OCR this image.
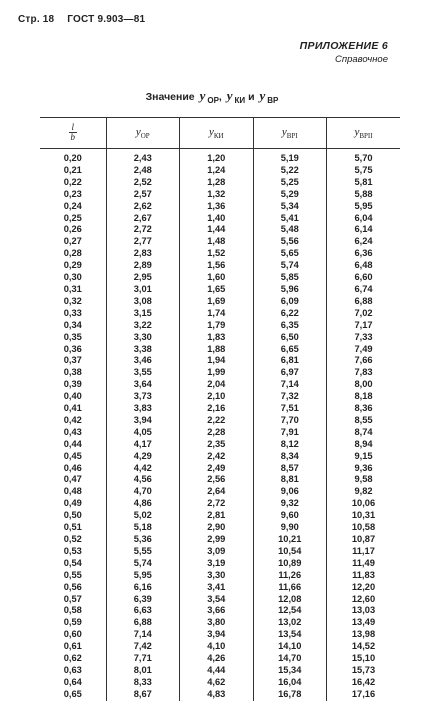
Стр. 18 ГОСТ 9.903—81
ПРИЛОЖЕНИЕ 6
Справочное
Значение y $_{ОР}$, y $_{КИ}$ и y $_{ВР}$
$\frac{l}{b}$	$y_{ОР}$	$y_{КИ}$	$y_{ВРI}$	$y_{ВРII}$
0,20	2,43	1,20	5,19	5,70
0,21	2,48	1,24	5,22	5,75
0,22	2,52	1,28	5,25	5,81
0,23	2,57	1,32	5,29	5,88
0,24	2,62	1,36	5,34	5,95
0,25	2,67	1,40	5,41	6,04
0,26	2,72	1,44	5,48	6,14
0,27	2,77	1,48	5,56	6,24
0,28	2,83	1,52	5,65	6,36
0,29	2,89	1,56	5,74	6,48
0,30	2,95	1,60	5,85	6,60
0,31	3,01	1,65	5,96	6,74
0,32	3,08	1,69	6,09	6,88
0,33	3,15	1,74	6,22	7,02
0,34	3,22	1,79	6,35	7,17
0,35	3,30	1,83	6,50	7,33
0,36	3,38	1,88	6,65	7,49
0,37	3,46	1,94	6,81	7,66
0,38	3,55	1,99	6,97	7,83
0,39	3,64	2,04	7,14	8,00
0,40	3,73	2,10	7,32	8,18
0,41	3,83	2,16	7,51	8,36
0,42	3,94	2,22	7,70	8,55
0,43	4,05	2,28	7,91	8,74
0,44	4,17	2,35	8,12	8,94
0,45	4,29	2,42	8,34	9,15
0,46	4,42	2,49	8,57	9,36
0,47	4,56	2,56	8,81	9,58
0,48	4,70	2,64	9,06	9,82
0,49	4,86	2,72	9,32	10,06
0,50	5,02	2,81	9,60	10,31
0,51	5,18	2,90	9,90	10,58
0,52	5,36	2,99	10,21	10,87
0,53	5,55	3,09	10,54	11,17
0,54	5,74	3,19	10,89	11,49
0,55	5,95	3,30	11,26	11,83
0,56	6,16	3,41	11,66	12,20
0,57	6,39	3,54	12,08	12,60
0,58	6,63	3,66	12,54	13,03
0,59	6,88	3,80	13,02	13,49
0,60	7,14	3,94	13,54	13,98
0,61	7,42	4,10	14,10	14,52
0,62	7,71	4,26	14,70	15,10
0,63	8,01	4,44	15,34	15,73
0,64	8,33	4,62	16,04	16,42
0,65	8,67	4,83	16,78	17,16
